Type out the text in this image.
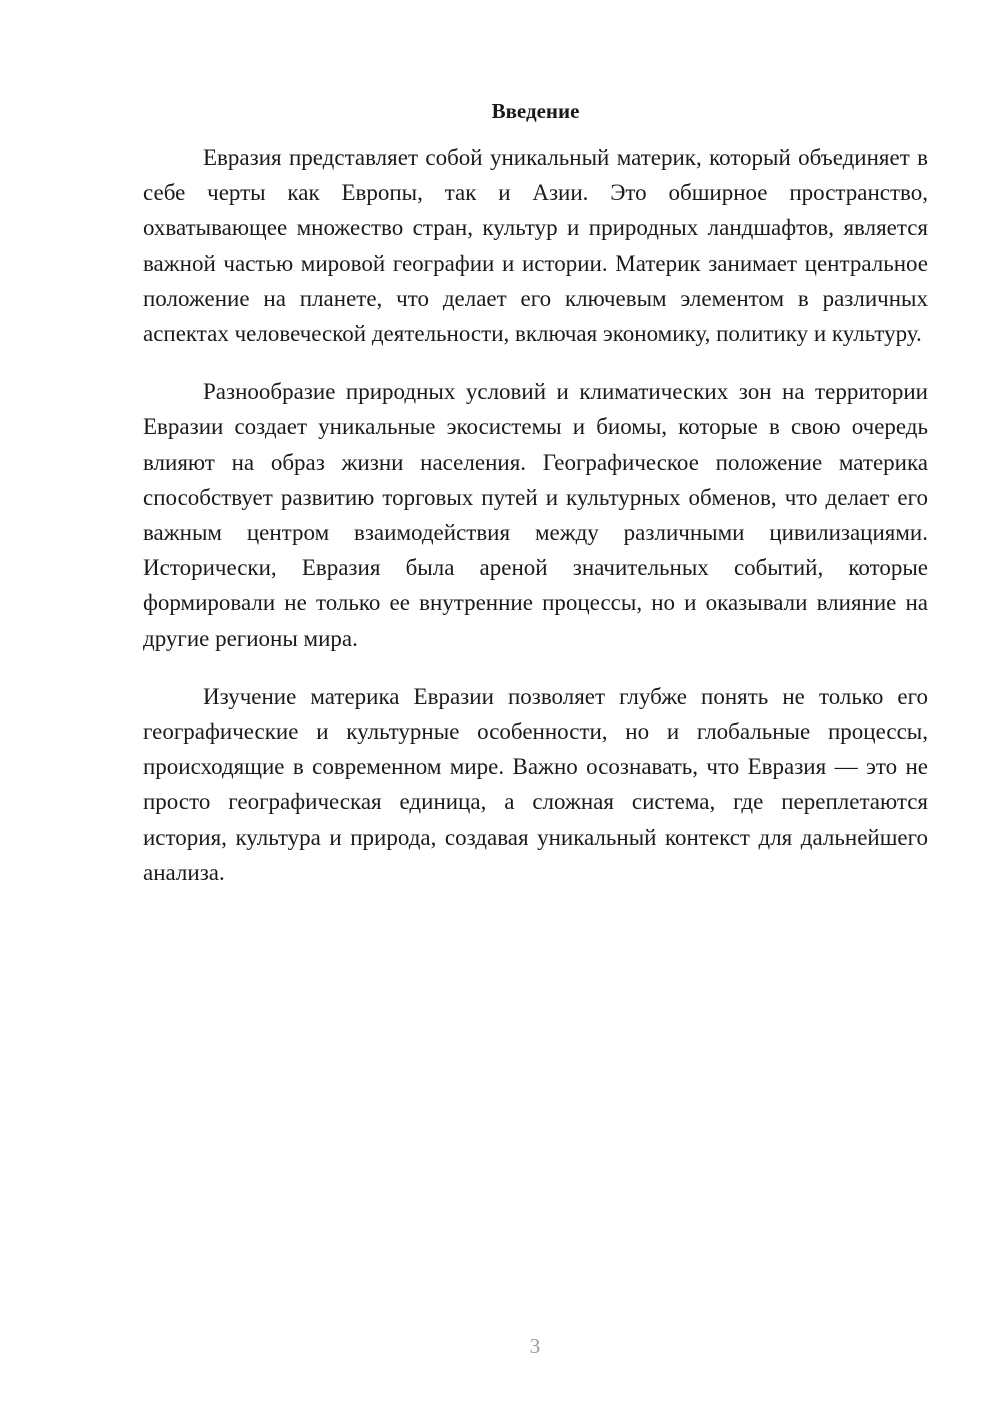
Введение

Евразия представляет собой уникальный материк, который объединяет в себе черты как Европы, так и Азии. Это обширное пространство, охватывающее множество стран, культур и природных ландшафтов, является важной частью мировой географии и истории. Материк занимает центральное положение на планете, что делает его ключевым элементом в различных аспектах человеческой деятельности, включая экономику, политику и культуру.

Разнообразие природных условий и климатических зон на территории Евразии создает уникальные экосистемы и биомы, которые в свою очередь влияют на образ жизни населения. Географическое положение материка способствует развитию торговых путей и культурных обменов, что делает его важным центром взаимодействия между различными цивилизациями. Исторически, Евразия была ареной значительных событий, которые формировали не только ее внутренние процессы, но и оказывали влияние на другие регионы мира.

Изучение материка Евразии позволяет глубже понять не только его географические и культурные особенности, но и глобальные процессы, происходящие в современном мире. Важно осознавать, что Евразия — это не просто географическая единица, а сложная система, где переплетаются история, культура и природа, создавая уникальный контекст для дальнейшего анализа.

3
